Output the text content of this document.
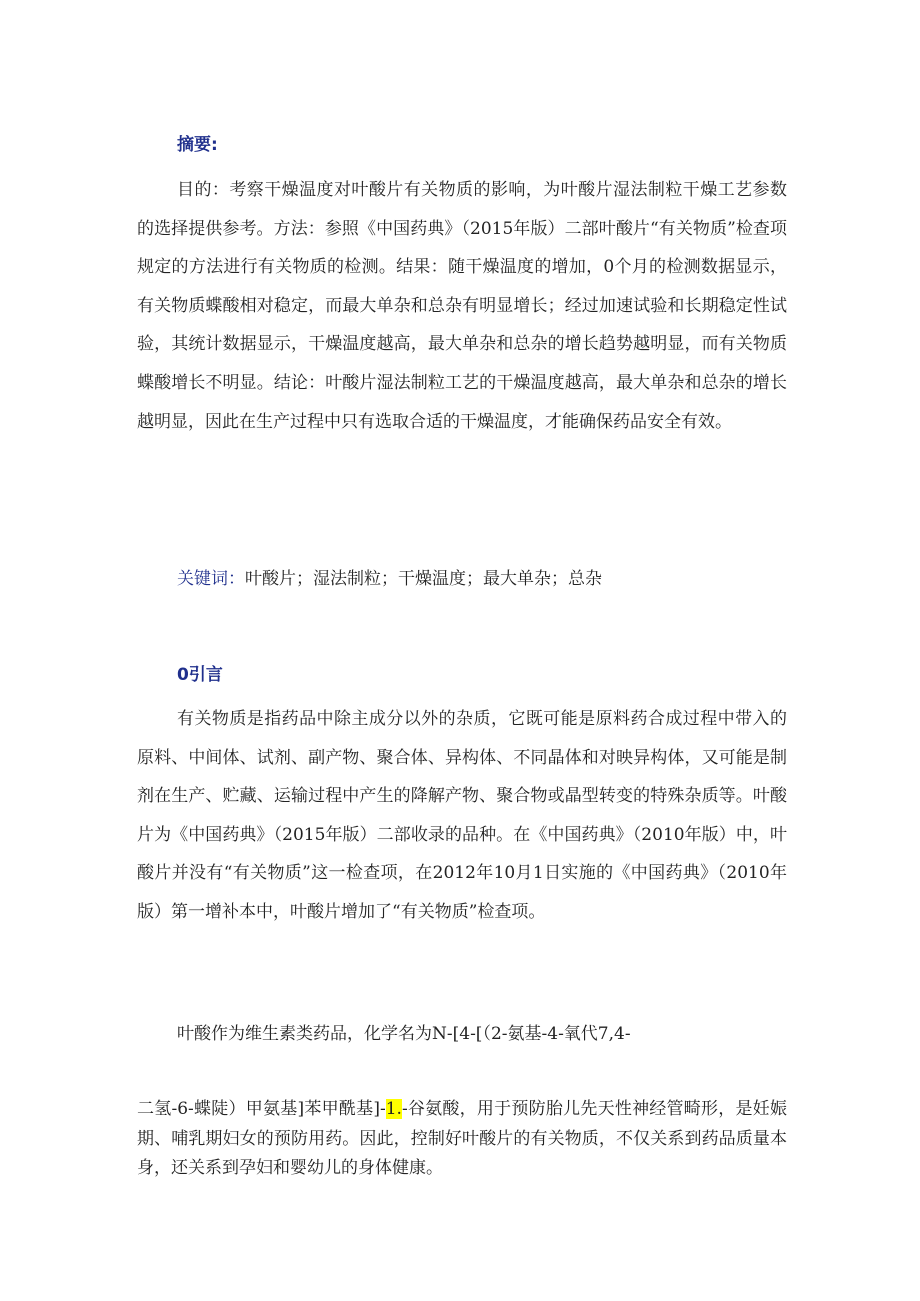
摘要:

目的：考察干燥温度对叶酸片有关物质的影响，为叶酸片湿法制粒干燥工艺参数的选择提供参考。方法：参照《中国药典》（2015年版）二部叶酸片“有关物质”检查项规定的方法进行有关物质的检测。结果：随干燥温度的增加，0个月的检测数据显示，有关物质蝶酸相对稳定，而最大单杂和总杂有明显增长；经过加速试验和长期稳定性试验，其统计数据显示，干燥温度越高，最大单杂和总杂的增长趋势越明显，而有关物质蝶酸增长不明显。结论：叶酸片湿法制粒工艺的干燥温度越高，最大单杂和总杂的增长越明显，因此在生产过程中只有选取合适的干燥温度，才能确保药品安全有效。

关键词：叶酸片；湿法制粒；干燥温度；最大单杂；总杂

0引言

有关物质是指药品中除主成分以外的杂质，它既可能是原料药合成过程中带入的原料、中间体、试剂、副产物、聚合体、异构体、不同晶体和对映异构体，又可能是制剂在生产、贮藏、运输过程中产生的降解产物、聚合物或晶型转变的特殊杂质等。叶酸片为《中国药典》（2015年版）二部收录的品种。在《中国药典》（2010年版）中，叶酸片并没有“有关物质”这一检查项，在2012年10月1日实施的《中国药典》（2010年版）第一增补本中，叶酸片增加了“有关物质”检查项。

叶酸作为维生素类药品，化学名为N-[4-[（2-氨基-4-氧代7,4-

二氢-6-蝶陡）甲氨基]苯甲酰基]-1.-谷氨酸，用于预防胎儿先天性神经管畸形，是妊娠期、哺乳期妇女的预防用药。因此，控制好叶酸片的有关物质，不仅关系到药品质量本身，还关系到孕妇和婴幼儿的身体健康。
